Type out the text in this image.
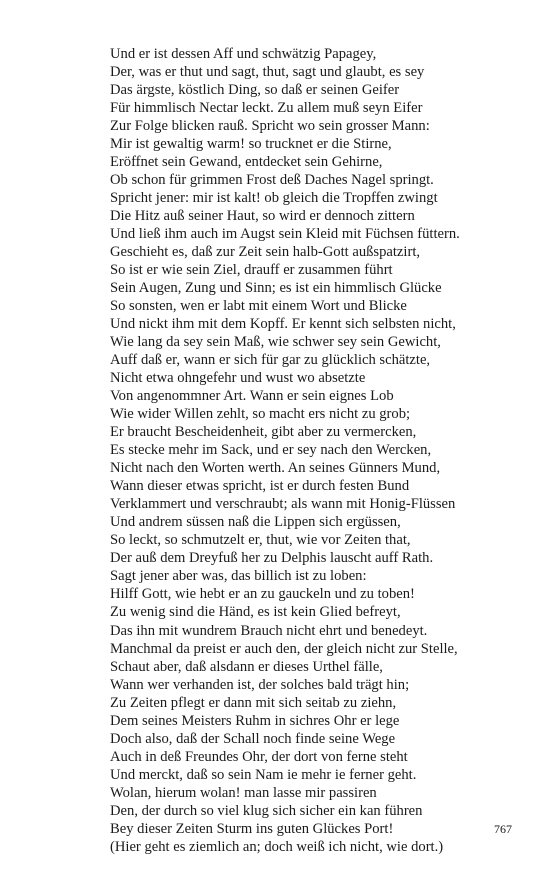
Und er ist dessen Aff und schwätzig Papagey,
Der, was er thut und sagt, thut, sagt und glaubt, es sey
Das ärgste, köstlich Ding, so daß er seinen Geifer
Für himmlisch Nectar leckt. Zu allem muß seyn Eifer
Zur Folge blicken rauß. Spricht wo sein grosser Mann:
Mir ist gewaltig warm! so trucknet er die Stirne,
Eröffnet sein Gewand, entdecket sein Gehirne,
Ob schon für grimmen Frost deß Daches Nagel springt.
Spricht jener: mir ist kalt! ob gleich die Tropffen zwingt
Die Hitz auß seiner Haut, so wird er dennoch zittern
Und ließ ihm auch im Augst sein Kleid mit Füchsen füttern.
Geschieht es, daß zur Zeit sein halb-Gott außspatzirt,
So ist er wie sein Ziel, drauff er zusammen führt
Sein Augen, Zung und Sinn; es ist ein himmlisch Glücke
So sonsten, wen er labt mit einem Wort und Blicke
Und nickt ihm mit dem Kopff. Er kennt sich selbsten nicht,
Wie lang da sey sein Maß, wie schwer sey sein Gewicht,
Auff daß er, wann er sich für gar zu glücklich schätzte,
Nicht etwa ohngefehr und wust wo absetzte
Von angenommner Art. Wann er sein eignes Lob
Wie wider Willen zehlt, so macht ers nicht zu grob;
Er braucht Bescheidenheit, gibt aber zu vermercken,
Es stecke mehr im Sack, und er sey nach den Wercken,
Nicht nach den Worten werth. An seines Günners Mund,
Wann dieser etwas spricht, ist er durch festen Bund
Verklammert und verschraubt; als wann mit Honig-Flüssen
Und andrem süssen naß die Lippen sich ergüssen,
So leckt, so schmutzelt er, thut, wie vor Zeiten that,
Der auß dem Dreyfuß her zu Delphis lauscht auff Rath.
Sagt jener aber was, das billich ist zu loben:
Hilff Gott, wie hebt er an zu gauckeln und zu toben!
Zu wenig sind die Händ, es ist kein Glied befreyt,
Das ihn mit wundrem Brauch nicht ehrt und benedeyt.
Manchmal da preist er auch den, der gleich nicht zur Stelle,
Schaut aber, daß alsdann er dieses Urthel fälle,
Wann wer verhanden ist, der solches bald trägt hin;
Zu Zeiten pflegt er dann mit sich seitab zu ziehn,
Dem seines Meisters Ruhm in sichres Ohr er lege
Doch also, daß der Schall noch finde seine Wege
Auch in deß Freundes Ohr, der dort von ferne steht
Und merckt, daß so sein Nam ie mehr ie ferner geht.
Wolan, hierum wolan! man lasse mir passiren
Den, der durch so viel klug sich sicher ein kan führen
Bey dieser Zeiten Sturm ins guten Glückes Port!
(Hier geht es ziemlich an; doch weiß ich nicht, wie dort.)
767
